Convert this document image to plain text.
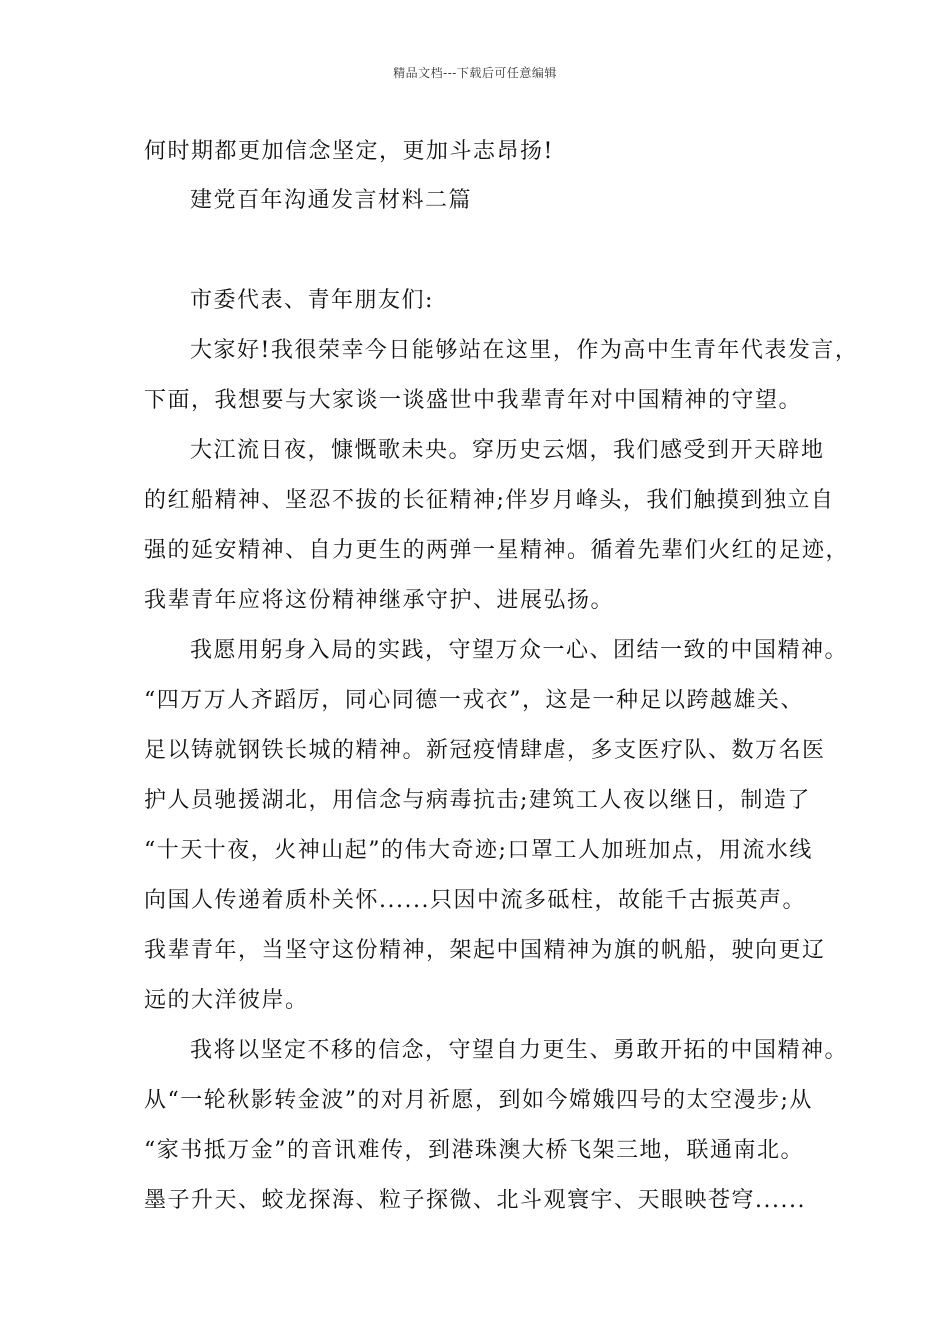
精品文档---下载后可任意编辑
何时期都更加信念坚定，更加斗志昂扬!
建党百年沟通发言材料二篇
市委代表、青年朋友们:
大家好!我很荣幸今日能够站在这里，作为高中生青年代表发言，
下面，我想要与大家谈一谈盛世中我辈青年对中国精神的守望。
大江流日夜，慷慨歌未央。穿历史云烟，我们感受到开天辟地
的红船精神、坚忍不拔的长征精神;伴岁月峰头，我们触摸到独立自
强的延安精神、自力更生的两弹一星精神。循着先辈们火红的足迹，
我辈青年应将这份精神继承守护、进展弘扬。
我愿用躬身入局的实践，守望万众一心、团结一致的中国精神。
“四万万人齐蹈厉，同心同德一戎衣”，这是一种足以跨越雄关、
足以铸就钢铁长城的精神。新冠疫情肆虐，多支医疗队、数万名医
护人员驰援湖北，用信念与病毒抗击;建筑工人夜以继日，制造了
“十天十夜，火神山起”的伟大奇迹;口罩工人加班加点，用流水线
向国人传递着质朴关怀......只因中流多砥柱，故能千古振英声。
我辈青年，当坚守这份精神，架起中国精神为旗的帆船，驶向更辽
远的大洋彼岸。
我将以坚定不移的信念，守望自力更生、勇敢开拓的中国精神。
从“一轮秋影转金波”的对月祈愿，到如今嫦娥四号的太空漫步;从
“家书抵万金”的音讯难传，到港珠澳大桥飞架三地，联通南北。
墨子升天、蛟龙探海、粒子探微、北斗观寰宇、天眼映苍穹......
